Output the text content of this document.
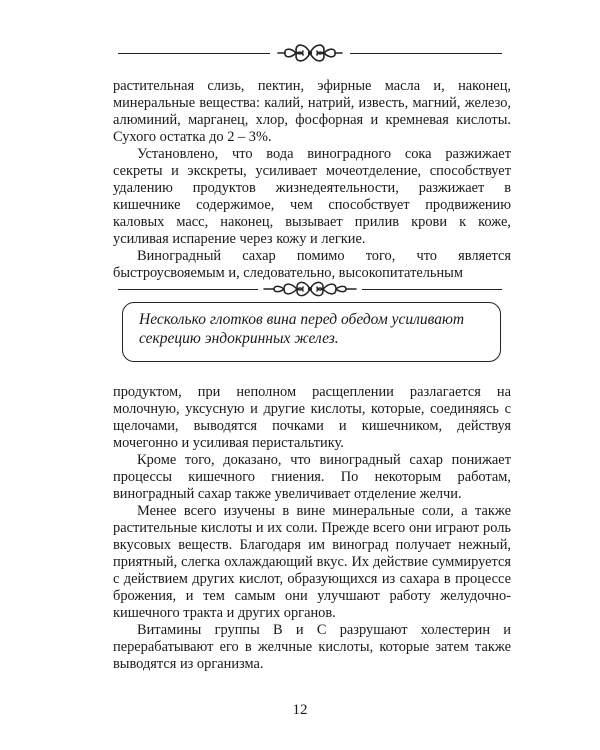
растительная слизь, пектин, эфирные масла и, наконец, минеральные вещества: калий, натрий, известь, магний, железо, алюминий, марганец, хлор, фосфорная и кремневая кислоты. Сухого остатка до 2 – 3%.

Установлено, что вода виноградного сока разжижает секреты и экскреты, усиливает мочеотделение, способствует удалению продуктов жизнедеятельности, разжижает в кишечнике содержимое, чем способствует продвижению каловых масс, наконец, вызывает прилив крови к коже, усиливая испарение через кожу и легкие.

Виноградный сахар помимо того, что является быстроусвояемым и, следовательно, высокопитательным

Несколько глотков вина перед обедом усиливают секрецию эндокринных желез.

продуктом, при неполном расщеплении разлагается на молочную, уксусную и другие кислоты, которые, соединяясь с щелочами, выводятся почками и кишечником, действуя мочегонно и усиливая перистальтику.

Кроме того, доказано, что виноградный сахар понижает процессы кишечного гниения. По некоторым работам, виноградный сахар также увеличивает отделение желчи.

Менее всего изучены в вине минеральные соли, а также растительные кислоты и их соли. Прежде всего они играют роль вкусовых веществ. Благодаря им виноград получает нежный, приятный, слегка охлаждающий вкус. Их действие суммируется с действием других кислот, образующихся из сахара в процессе брожения, и тем самым они улучшают работу желудочно-кишечного тракта и других органов.

Витамины группы В и С разрушают холестерин и перерабатывают его в желчные кислоты, которые затем также выводятся из организма.

12
